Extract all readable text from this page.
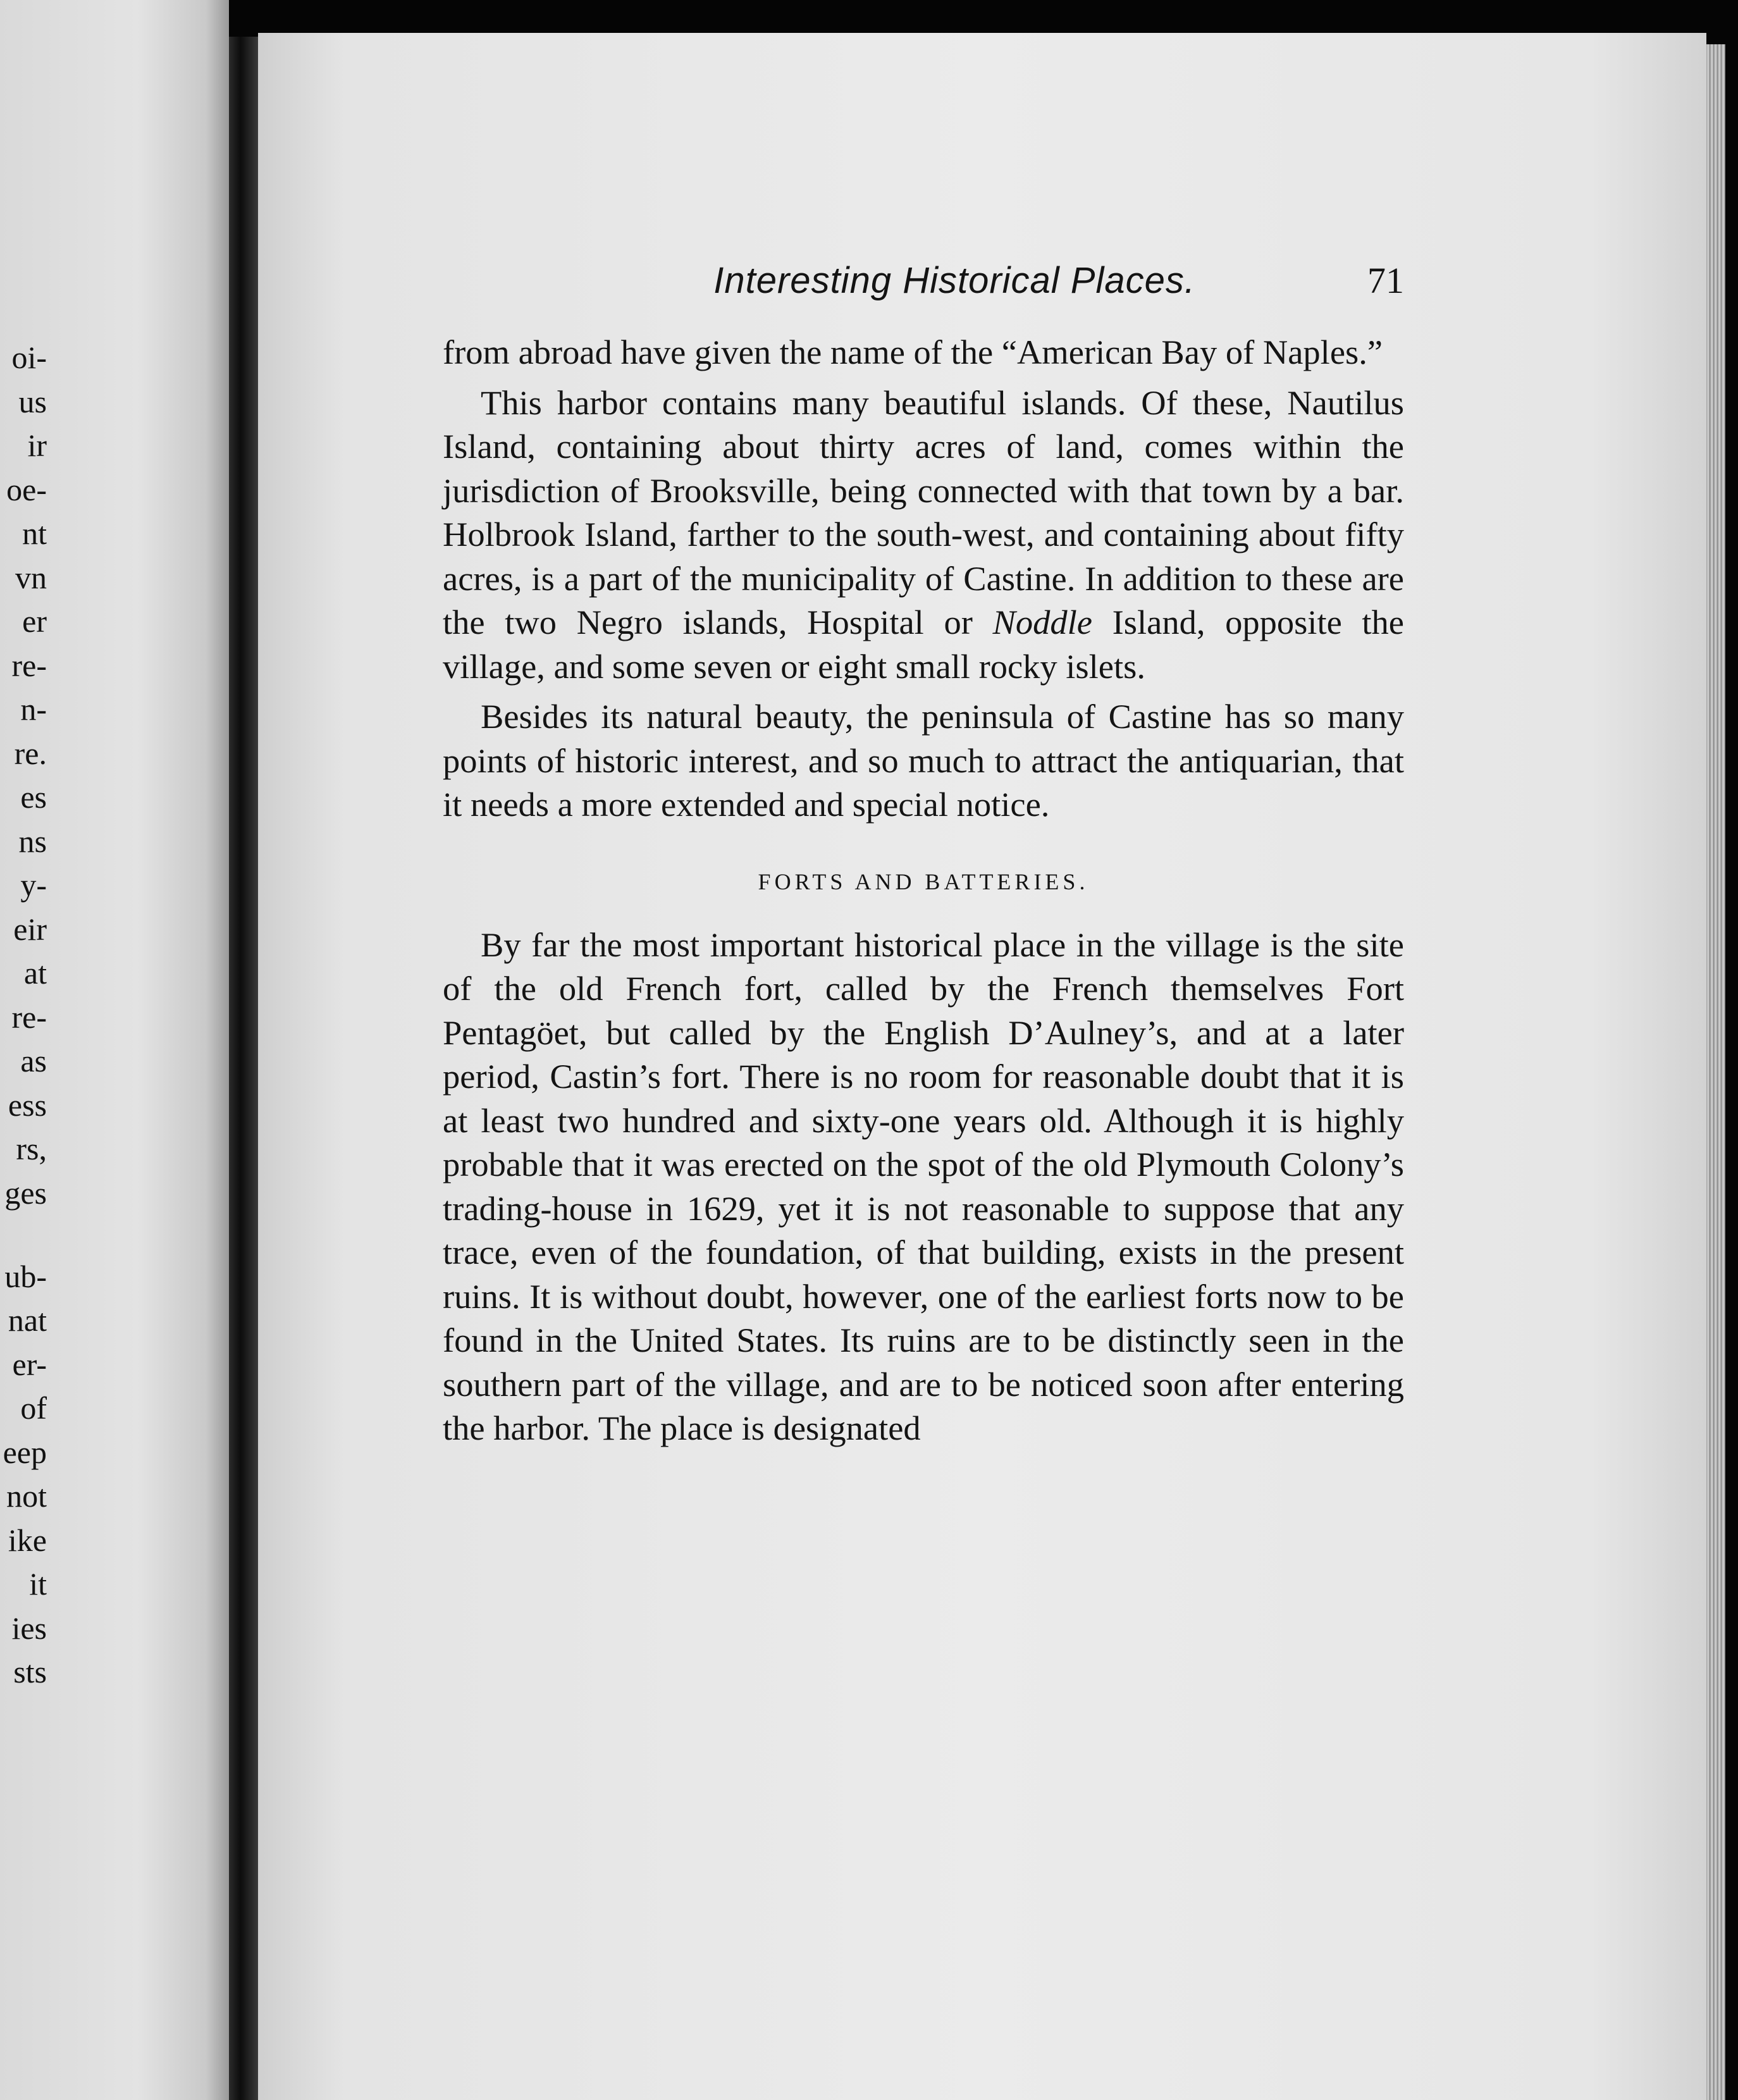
oi-
us
ir
oe-
nt
vn
er
re-
n-
re.
es
ns
y-
eir
at
re-
as
ess
rs,
ges
ub-
nat
er-
of
eep
not
ike
it
ies
sts
Interesting Historical Places.	71

from abroad have given the name of the “American Bay of Naples.”

This harbor contains many beautiful islands. Of these, Nautilus Island, containing about thirty acres of land, comes within the jurisdiction of Brooksville, being connected with that town by a bar. Holbrook Island, farther to the south-west, and containing about fifty acres, is a part of the municipality of Castine. In addition to these are the two Negro islands, Hospital or Noddle Island, opposite the village, and some seven or eight small rocky islets.

Besides its natural beauty, the peninsula of Castine has so many points of historic interest, and so much to attract the antiquarian, that it needs a more extended and special notice.

FORTS AND BATTERIES.

By far the most important historical place in the village is the site of the old French fort, called by the French themselves Fort Pentagöet, but called by the English D’Aulney’s, and at a later period, Castin’s fort. There is no room for reasonable doubt that it is at least two hundred and sixty-one years old. Although it is highly probable that it was erected on the spot of the old Plymouth Colony’s trading-house in 1629, yet it is not reasonable to suppose that any trace, even of the foundation, of that building, exists in the present ruins. It is without doubt, however, one of the earliest forts now to be found in the United States. Its ruins are to be distinctly seen in the southern part of the village, and are to be noticed soon after entering the harbor. The place is designated
